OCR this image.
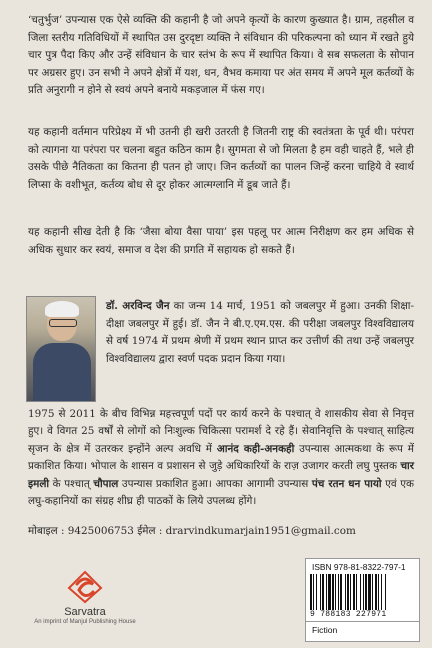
‘चतुर्भुज’ उपन्यास एक ऐसे व्यक्ति की कहानी है जो अपने कृत्यों के कारण कुख्यात है। ग्राम, तहसील व जिला स्तरीय गतिविधियों में स्थापित उस दुरदृष्टा व्यक्ति ने संविधान की परिकल्पना को ध्यान में रखते हुये चार पुत्र पैदा किए और उन्हें संविधान के चार स्तंभ के रूप में स्थापित किया। वे सब सफलता के सोपान पर अग्रसर हुए। उन सभी ने अपने क्षेत्रों में यश, धन, वैभव कमाया पर अंत समय में अपने मूल कर्तव्यों के प्रति अनुरागी न होने से स्वयं अपने बनाये मकड़जाल में फंस गए।

यह कहानी वर्तमान परिप्रेक्ष्य में भी उतनी ही खरी उतरती है जितनी राष्ट्र की स्वतंत्रता के पूर्व थी। परंपरा को त्यागना या परंपरा पर चलना बहुत कठिन काम है। सुगमता से जो मिलता है हम वही चाहते हैं, भले ही उसके पीछे नैतिकता का कितना ही पतन हो जाए। जिन कर्तव्यों का पालन जिन्हें करना चाहिये वे स्वार्थ लिप्सा के वशीभूत, कर्तव्य बोध से दूर होकर आत्मग्लानि में डूब जाते हैं।

यह कहानी सीख देती है कि ‘जैसा बोया वैसा पाया’ इस पहलू पर आत्म निरीक्षण कर हम अधिक से अधिक सुधार कर स्वयं, समाज व देश की प्रगति में सहायक हो सकते हैं।

डॉ. अरविन्द जैन का जन्म 14 मार्च, 1951 को जबलपुर में हुआ। उनकी शिक्षा-दीक्षा जबलपुर में हुई। डॉ. जैन ने बी.ए.एम.एस. की परीक्षा जबलपुर विश्वविद्यालय से वर्ष 1974 में प्रथम श्रेणी में प्रथम स्थान प्राप्त कर उत्तीर्ण की तथा उन्हें जबलपुर विश्वविद्यालय द्वारा स्वर्ण पदक प्रदान किया गया।

1975 से 2011 के बीच विभिन्न महत्त्वपूर्ण पदों पर कार्य करने के पश्चात् वे शासकीय सेवा से निवृत्त हुए। वे विगत 25 वर्षों से लोगों को निःशुल्क चिकित्सा परामर्श दे रहे हैं। सेवानिवृत्ति के पश्चात् साहित्य सृजन के क्षेत्र में उतरकर इन्होंने अल्प अवधि में आनंद कही-अनकही उपन्यास आत्मकथा के रूप में प्रकाशित किया। भोपाल के शासन व प्रशासन से जुड़े अधिकारियों के राज़ उजागर करती लघु पुस्तक चार इमली के पश्चात् चौपाल उपन्यास प्रकाशित हुआ। आपका आगामी उपन्यास पंच रतन धन पायो एवं एक लघु-कहानियों का संग्रह शीघ्र ही पाठकों के लिये उपलब्ध होंगे।

मोबाइल : 9425006753 ईमेल : drarvindkumarjain1951@gmail.com

Sarvatra
An imprint of Manjul Publishing House
ISBN 978-81-8322-797-1
9 788183 227971
Fiction
